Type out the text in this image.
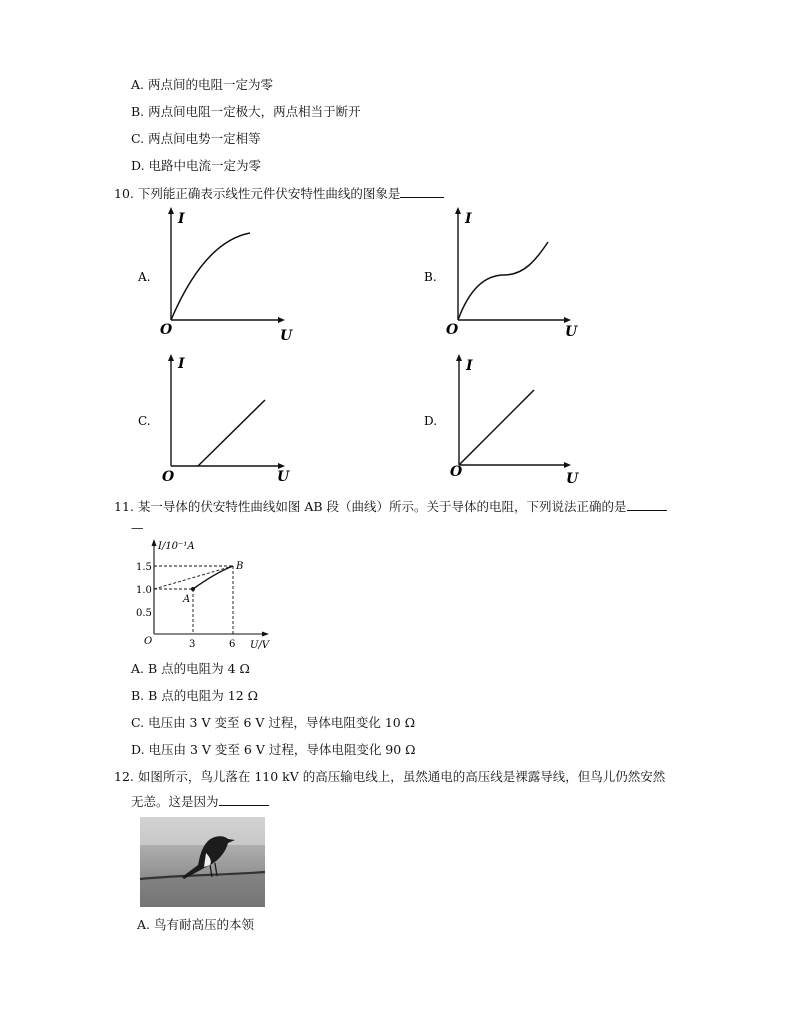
A. 两点间的电阻一定为零
B. 两点间电阻一定极大，两点相当于断开
C. 两点间电势一定相等
D. 电路中电流一定为零
10. 下列能正确表示线性元件伏安特性曲线的图象是
A.
I
O	U
B.
I
O	U
C.
I
O	U
D.
I
O	U
11. 某一导体的伏安特性曲线如图 AB 段（曲线）所示。关于导体的电阻，下列说法正确的是
—
I/10⁻¹A
1.5
1.0
0.5
O	3	6 U/V
A
B
A. B 点的电阻为 4 Ω
B. B 点的电阻为 12 Ω
C. 电压由 3 V 变至 6 V 过程，导体电阻变化 10 Ω
D. 电压由 3 V 变至 6 V 过程，导体电阻变化 90 Ω
12. 如图所示，鸟儿落在 110 kV 的高压输电线上，虽然通电的高压线是裸露导线，但鸟儿仍然安然
无恙。这是因为
A. 鸟有耐高压的本领
